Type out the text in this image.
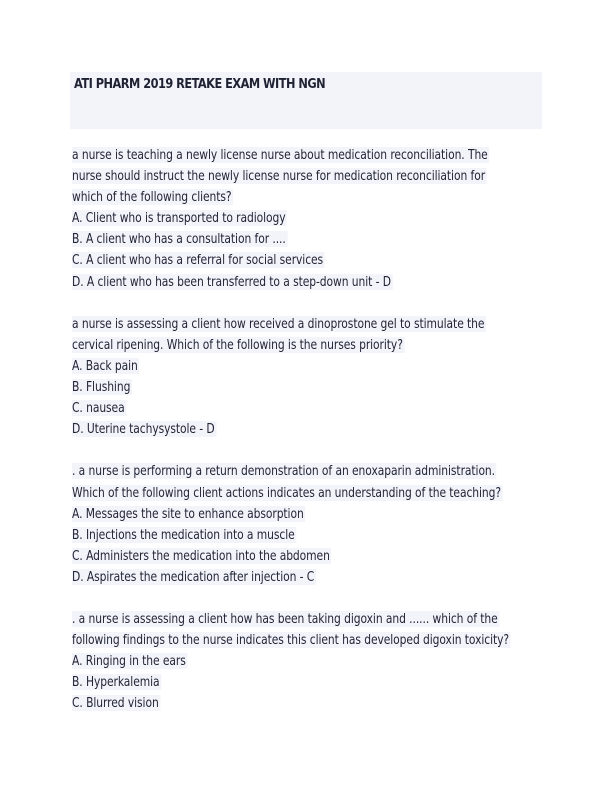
ATI PHARM 2019 RETAKE EXAM WITH NGN
a nurse is teaching a newly license nurse about medication reconciliation. The
nurse should instruct the newly license nurse for medication reconciliation for
which of the following clients?
A. Client who is transported to radiology
B. A client who has a consultation for ....
C. A client who has a referral for social services
D. A client who has been transferred to a step-down unit - D
a nurse is assessing a client how received a dinoprostone gel to stimulate the
cervical ripening. Which of the following is the nurses priority?
A. Back pain
B. Flushing
C. nausea
D. Uterine tachysystole - D
. a nurse is performing a return demonstration of an enoxaparin administration.
Which of the following client actions indicates an understanding of the teaching?
A. Messages the site to enhance absorption
B. Injections the medication into a muscle
C. Administers the medication into the abdomen
D. Aspirates the medication after injection - C
. a nurse is assessing a client how has been taking digoxin and ...... which of the
following findings to the nurse indicates this client has developed digoxin toxicity?
A. Ringing in the ears
B. Hyperkalemia
C. Blurred vision
